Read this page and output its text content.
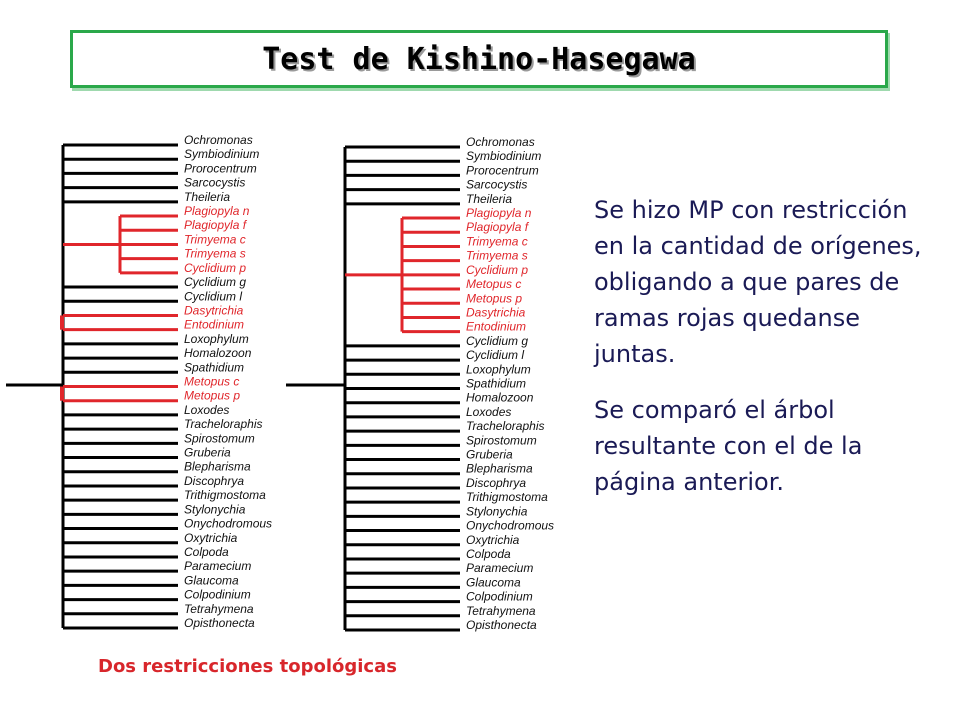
Test de Kishino-Hasegawa
Ochromonas
Symbiodinium
Prorocentrum
Sarcocystis
Theileria
Plagiopyla n
Plagiopyla f
Trimyema c
Trimyema s
Cyclidium p
Cyclidium g
Cyclidium l
Dasytrichia
Entodinium
Loxophylum
Homalozoon
Spathidium
Metopus c
Metopus p
Loxodes
Tracheloraphis
Spirostomum
Gruberia
Blepharisma
Discophrya
Trithigmostoma
Stylonychia
Onychodromous
Oxytrichia
Colpoda
Paramecium
Glaucoma
Colpodinium
Tetrahymena
Opisthonecta
Ochromonas
Symbiodinium
Prorocentrum
Sarcocystis
Theileria
Plagiopyla n
Plagiopyla f
Trimyema c
Trimyema s
Cyclidium p
Metopus c
Metopus p
Dasytrichia
Entodinium
Cyclidium g
Cyclidium l
Loxophylum
Spathidium
Homalozoon
Loxodes
Tracheloraphis
Spirostomum
Gruberia
Blepharisma
Discophrya
Trithigmostoma
Stylonychia
Onychodromous
Oxytrichia
Colpoda
Paramecium
Glaucoma
Colpodinium
Tetrahymena
Opisthonecta

Se hizo MP con restricción en la cantidad de orígenes, obligando a que pares de ramas rojas quedanse juntas.

Se comparó el árbol resultante con el de la página anterior.

Dos restricciones topológicas
